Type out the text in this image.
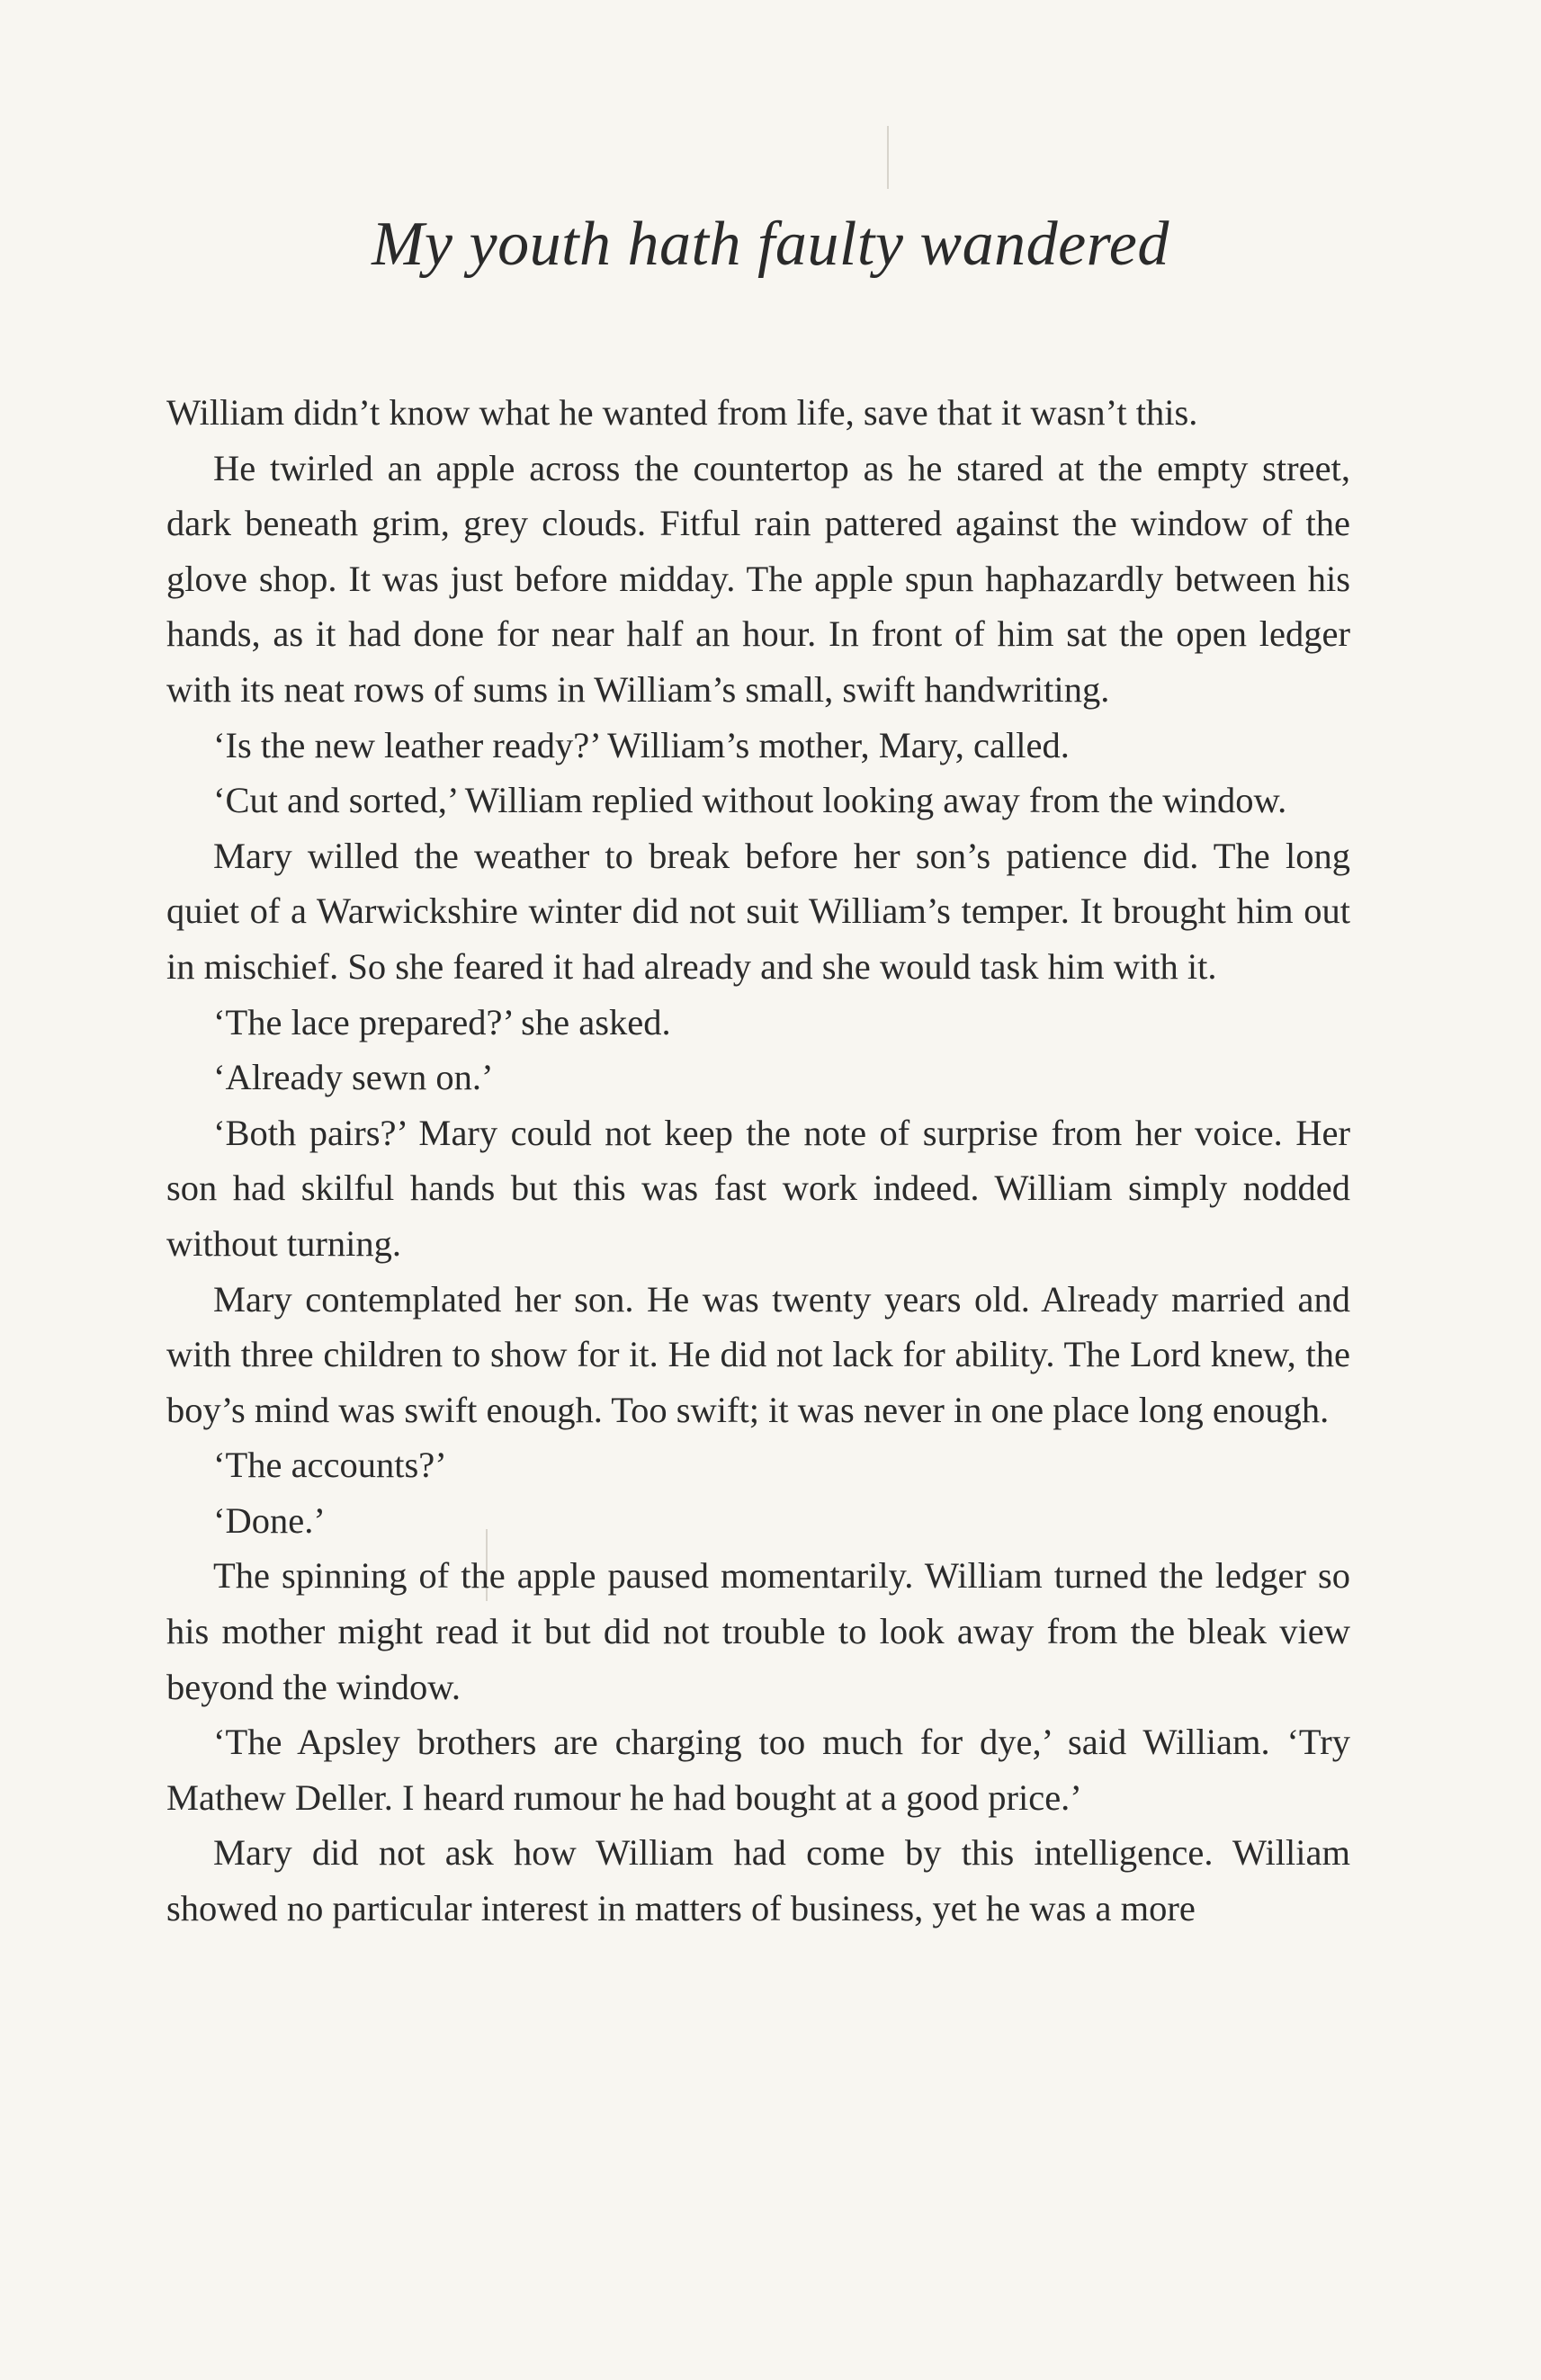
My youth hath faulty wandered

William didn’t know what he wanted from life, save that it wasn’t this.

He twirled an apple across the countertop as he stared at the empty street, dark beneath grim, grey clouds. Fitful rain pattered against the window of the glove shop. It was just before midday. The apple spun haphazardly between his hands, as it had done for near half an hour. In front of him sat the open ledger with its neat rows of sums in William’s small, swift handwriting.

‘Is the new leather ready?’ William’s mother, Mary, called.

‘Cut and sorted,’ William replied without looking away from the window.

Mary willed the weather to break before her son’s patience did. The long quiet of a Warwickshire winter did not suit William’s temper. It brought him out in mischief. So she feared it had already and she would task him with it.

‘The lace prepared?’ she asked.

‘Already sewn on.’

‘Both pairs?’ Mary could not keep the note of surprise from her voice. Her son had skilful hands but this was fast work indeed. William simply nodded without turning.

Mary contemplated her son. He was twenty years old. Already married and with three children to show for it. He did not lack for ability. The Lord knew, the boy’s mind was swift enough. Too swift; it was never in one place long enough.

‘The accounts?’

‘Done.’

The spinning of the apple paused momentarily. William turned the ledger so his mother might read it but did not trouble to look away from the bleak view beyond the window.

‘The Apsley brothers are charging too much for dye,’ said William. ‘Try Mathew Deller. I heard rumour he had bought at a good price.’

Mary did not ask how William had come by this intelligence. William showed no particular interest in matters of business, yet he was a more
